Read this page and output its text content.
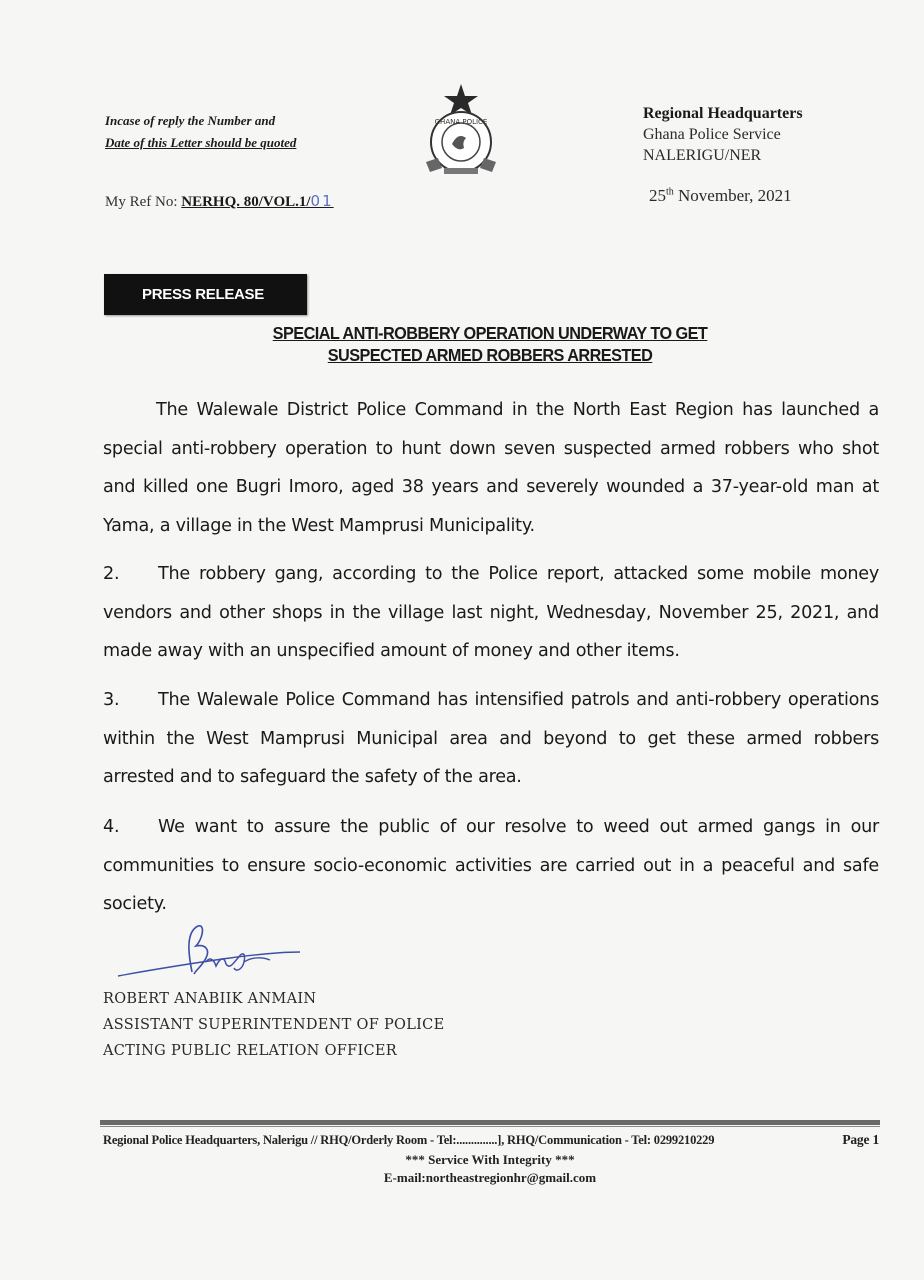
Incase of reply the Number and
Date of this Letter should be quoted
My Ref No: NERHQ. 80/VOL.1/01
GHANA POLICE	Regional Headquarters
Ghana Police Service
NALERIGU/NER
25th November, 2021
PRESS RELEASE
SPECIAL ANTI-ROBBERY OPERATION UNDERWAY TO GET
SUSPECTED ARMED ROBBERS ARRESTED
The Walewale District Police Command in the North East Region has launched a special anti-robbery operation to hunt down seven suspected armed robbers who shot and killed one Bugri Imoro, aged 38 years and severely wounded a 37-year-old man at Yama, a village in the West Mamprusi Municipality.
2. The robbery gang, according to the Police report, attacked some mobile money vendors and other shops in the village last night, Wednesday, November 25, 2021, and made away with an unspecified amount of money and other items.
3. The Walewale Police Command has intensified patrols and anti-robbery operations within the West Mamprusi Municipal area and beyond to get these armed robbers arrested and to safeguard the safety of the area.
4. We want to assure the public of our resolve to weed out armed gangs in our communities to ensure socio-economic activities are carried out in a peaceful and safe society.
ROBERT ANABIIK ANMAIN
ASSISTANT SUPERINTENDENT OF POLICE
ACTING PUBLIC RELATION OFFICER
Regional Police Headquarters, Nalerigu // RHQ/Orderly Room - Tel:..............], RHQ/Communication - Tel: 0299210229	Page 1
*** Service With Integrity ***
E-mail:northeastregionhr@gmail.com
